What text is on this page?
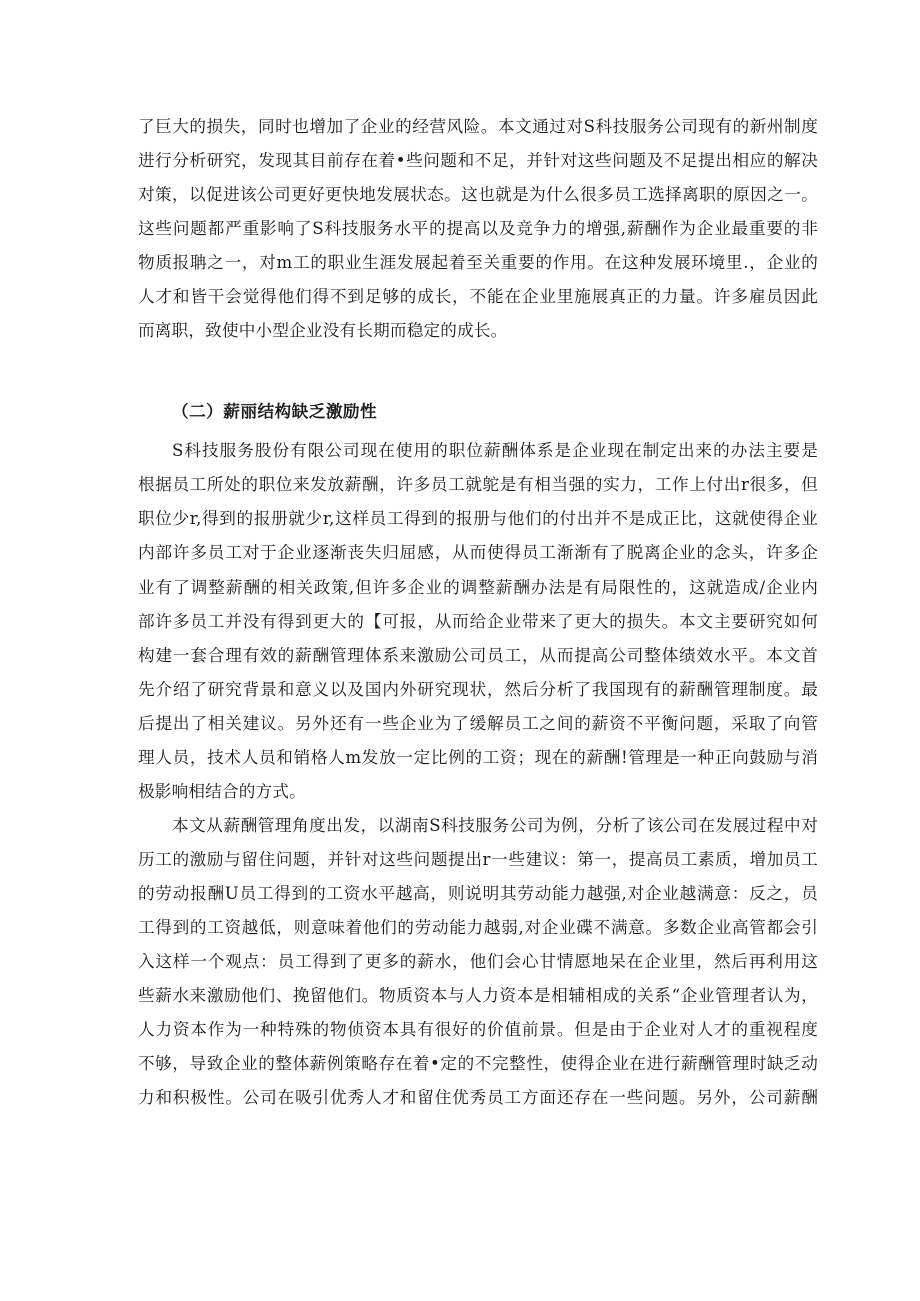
了巨大的损失，同时也增加了企业的经营风险。本文通过对S科技服务公司现有的新州制度
进行分析研究，发现其目前存在着•些问题和不足，并针对这些问题及不足提出相应的解决
对策，以促进该公司更好更快地发展状态。这也就是为什么很多员工选择离职的原因之一。
这些问题都严重影响了S科技服务水平的提高以及竞争力的增强,薪酬作为企业最重要的非
物质报聃之一，对m工的职业生涯发展起着至关重要的作用。在这种发展环境里.，企业的
人才和皆干会觉得他们得不到足够的成长，不能在企业里施展真正的力量。许多雇员因此
而离职，致使中小型企业没有长期而稳定的成长。
（二）薪丽结构缺乏激励性
S科技服务股份有限公司现在使用的职位薪酬体系是企业现在制定出来的办法主要是
根据员工所处的职位来发放薪酬，许多员工就鸵是有相当强的实力，工作上付出r很多，但
职位少r,得到的报册就少r,这样员工得到的报册与他们的付出并不是成正比，这就使得企业
内部许多员工对于企业逐渐丧失归屈感，从而使得员工渐渐有了脱离企业的念头，许多企
业有了调整薪酬的相关政策,但许多企业的调整薪酬办法是有局限性的，这就造成/企业内
部许多员工并没有得到更大的【可报，从而给企业带来了更大的损失。本文主要研究如何
构建一套合理有效的薪酬管理体系来激励公司员工，从而提高公司整体绩效水平。本文首
先介绍了研究背景和意义以及国内外研究现状，然后分析了我国现有的薪酬管理制度。最
后提出了相关建议。另外还有一些企业为了缓解员工之间的薪资不平衡问题，采取了向管
理人员，技术人员和销格人m发放一定比例的工资；现在的薪酬!管理是一种正向鼓励与消
极影响相结合的方式。
本文从薪酬管理角度出发，以湖南S科技服务公司为例，分析了该公司在发展过程中对
历工的激励与留住问题，并针对这些问题提出r一些建议：第一，提高员工素质，增加员工
的劳动报酬U员工得到的工资水平越高，则说明其劳动能力越强,对企业越满意：反之，员
工得到的工资越低，则意味着他们的劳动能力越弱,对企业碟不满意。多数企业高管都会引
入这样一个观点：员工得到了更多的薪水，他们会心甘情愿地呆在企业里，然后再利用这
些薪水来激励他们、挽留他们。物质资本与人力资本是相辅相成的关系“企业管理者认为，
人力资本作为一种特殊的物侦资本具有很好的价值前景。但是由于企业对人才的重视程度
不够，导致企业的整体薪例策略存在着•定的不完整性，使得企业在进行薪酬管理时缺乏动
力和积极性。公司在吸引优秀人才和留住优秀员工方面还存在一些问题。另外，公司薪酬
